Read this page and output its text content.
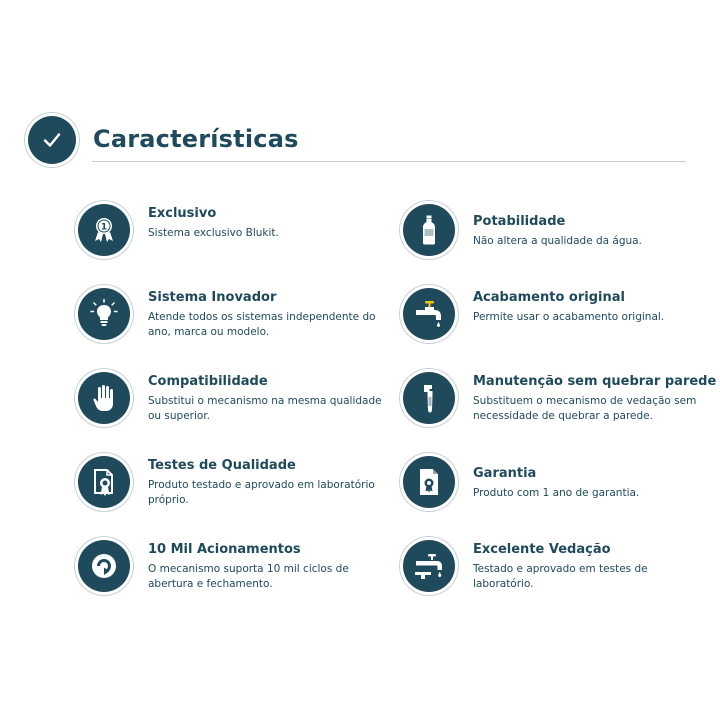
Características
1

Exclusivo

Sistema exclusivo Blukit.

Sistema Inovador

Atende todos os sistemas independente do ano, marca ou modelo.

Compatibilidade

Substitui o mecanismo na mesma qualidade ou superior.

Testes de Qualidade

Produto testado e aprovado em laboratório próprio.

10 Mil Acionamentos

O mecanismo suporta 10 mil ciclos de abertura e fechamento.

Potabilidade

Não altera a qualidade da água.

Acabamento original

Permite usar o acabamento original.

Manutenção sem quebrar parede

Substituem o mecanismo de vedação sem necessidade de quebrar a parede.

Garantia

Produto com 1 ano de garantia.

Excelente Vedação

Testado e aprovado em testes de laboratório.
